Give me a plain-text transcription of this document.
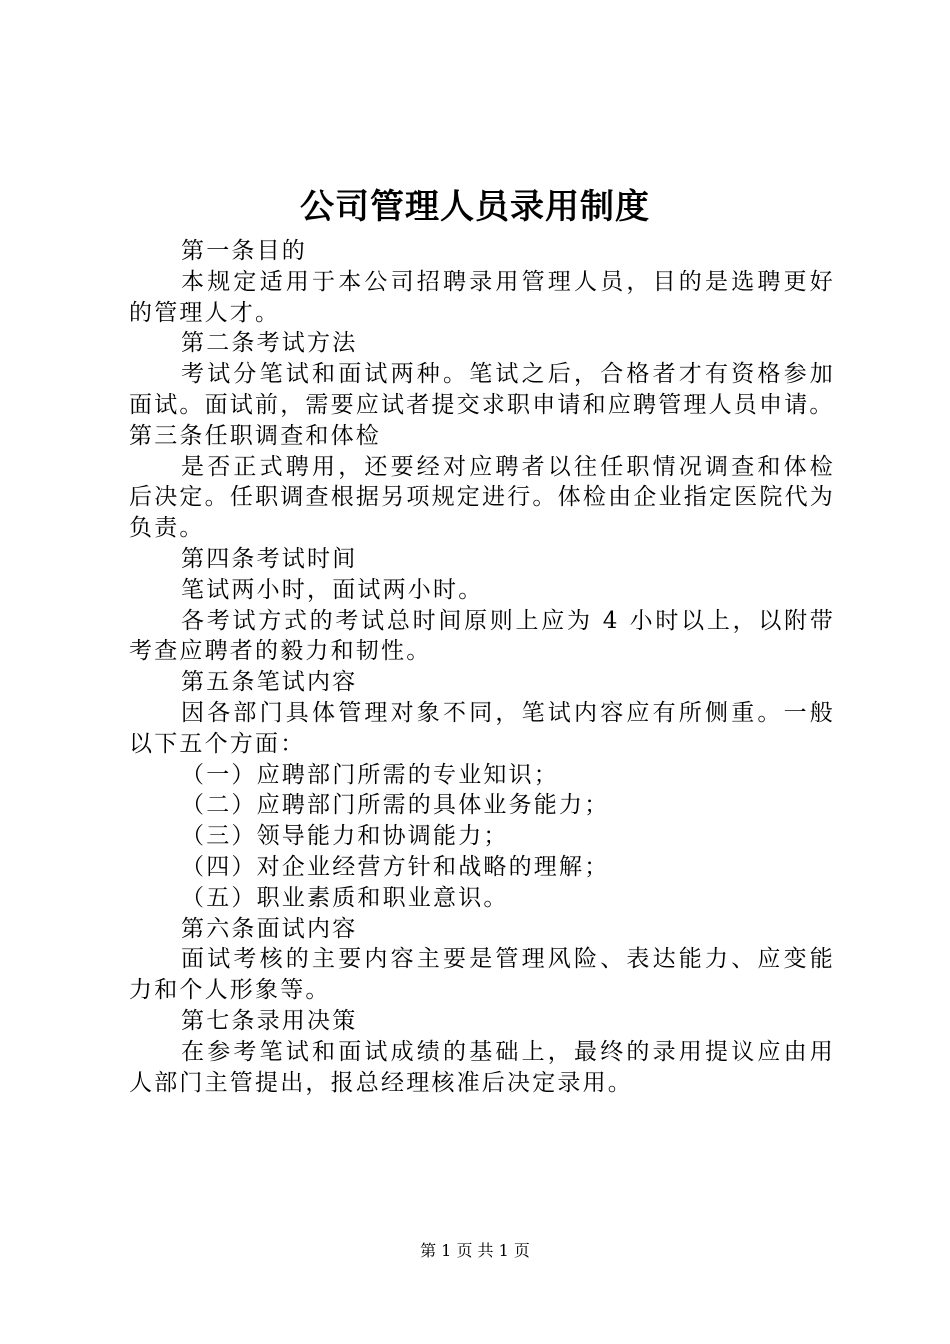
公司管理人员录用制度

第一条目的

本规定适用于本公司招聘录用管理人员，目的是选聘更好的管理人才。

第二条考试方法

考试分笔试和面试两种。笔试之后，合格者才有资格参加面试。面试前，需要应试者提交求职申请和应聘管理人员申请。

第三条任职调查和体检

是否正式聘用，还要经对应聘者以往任职情况调查和体检后决定。任职调查根据另项规定进行。体检由企业指定医院代为负责。

第四条考试时间

笔试两小时，面试两小时。

各考试方式的考试总时间原则上应为 4 小时以上，以附带考查应聘者的毅力和韧性。

第五条笔试内容

因各部门具体管理对象不同，笔试内容应有所侧重。一般以下五个方面：

（一）应聘部门所需的专业知识；

（二）应聘部门所需的具体业务能力；

（三）领导能力和协调能力；

（四）对企业经营方针和战略的理解；

（五）职业素质和职业意识。

第六条面试内容

面试考核的主要内容主要是管理风险、表达能力、应变能力和个人形象等。

第七条录用决策

在参考笔试和面试成绩的基础上，最终的录用提议应由用人部门主管提出，报总经理核准后决定录用。

第 1 页 共 1 页
